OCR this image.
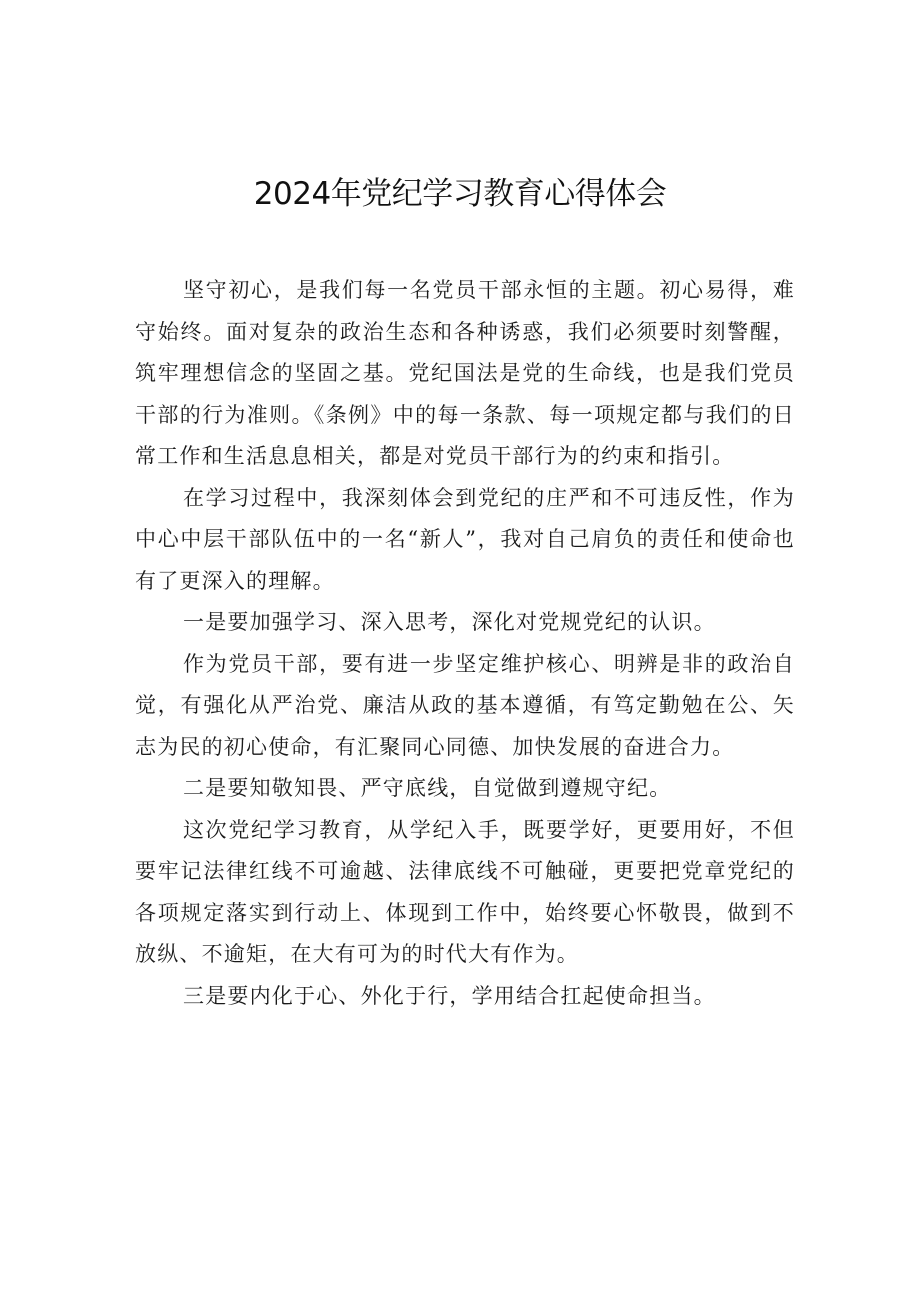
2024年党纪学习教育心得体会

坚守初心，是我们每一名党员干部永恒的主题。初心易得，难守始终。面对复杂的政治生态和各种诱惑，我们必须要时刻警醒，筑牢理想信念的坚固之基。党纪国法是党的生命线，也是我们党员干部的行为准则。《条例》中的每一条款、每一项规定都与我们的日常工作和生活息息相关，都是对党员干部行为的约束和指引。

在学习过程中，我深刻体会到党纪的庄严和不可违反性，作为中心中层干部队伍中的一名“新人”，我对自己肩负的责任和使命也有了更深入的理解。

一是要加强学习、深入思考，深化对党规党纪的认识。

作为党员干部，要有进一步坚定维护核心、明辨是非的政治自觉，有强化从严治党、廉洁从政的基本遵循，有笃定勤勉在公、矢志为民的初心使命，有汇聚同心同德、加快发展的奋进合力。

二是要知敬知畏、严守底线，自觉做到遵规守纪。

这次党纪学习教育，从学纪入手，既要学好，更要用好，不但要牢记法律红线不可逾越、法律底线不可触碰，更要把党章党纪的各项规定落实到行动上、体现到工作中，始终要心怀敬畏，做到不放纵、不逾矩，在大有可为的时代大有作为。

三是要内化于心、外化于行，学用结合扛起使命担当。
